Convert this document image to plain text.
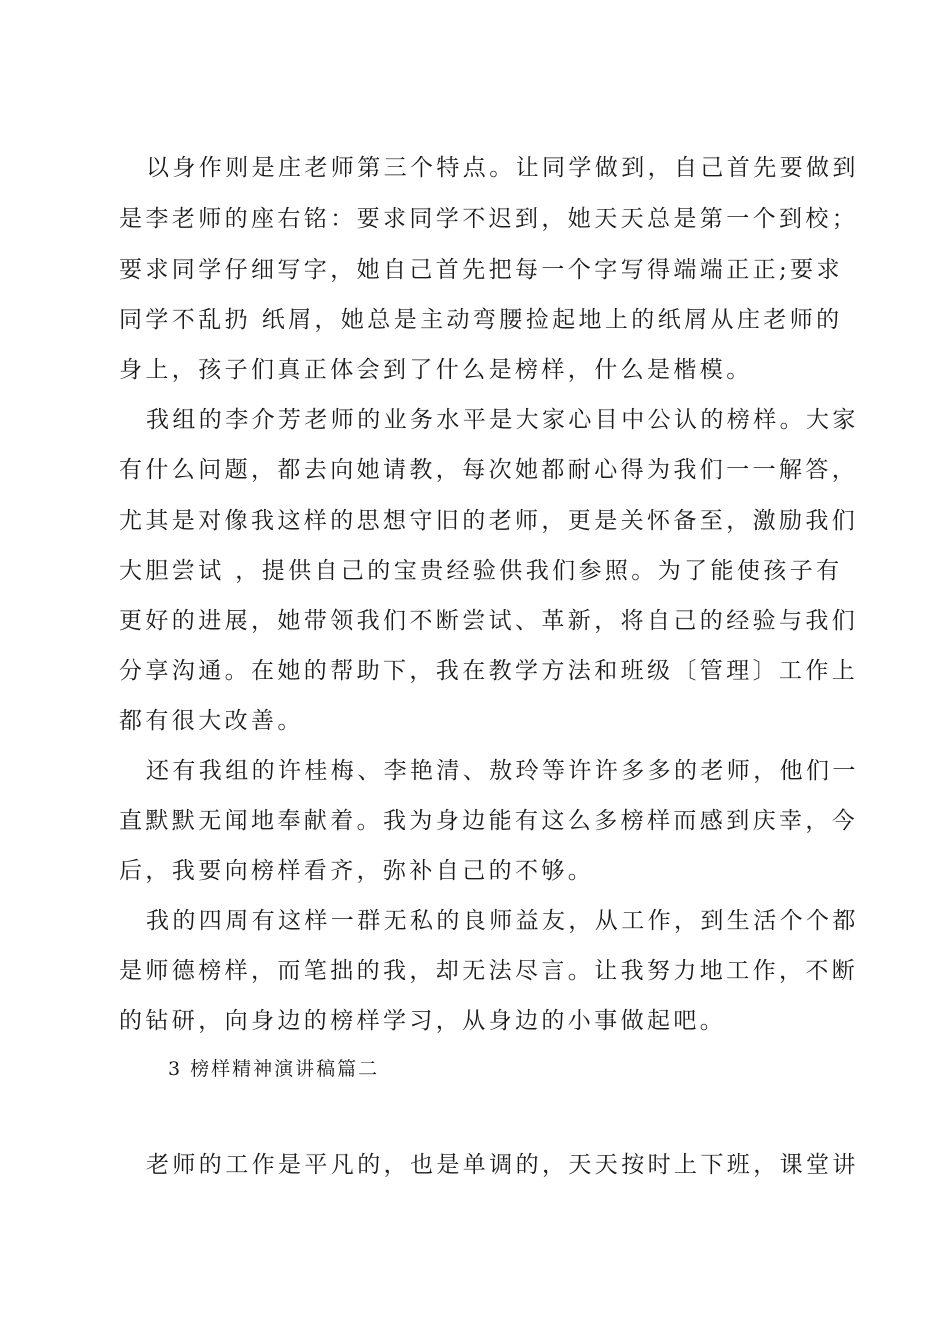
以身作则是庄老师第三个特点。让同学做到，自己首先要做到
是李老师的座右铭：要求同学不迟到，她天天总是第一个到校；
要求同学仔细写字，她自己首先把每一个字写得端端正正;要求
同学不乱扔 纸屑，她总是主动弯腰捡起地上的纸屑从庄老师的
身上，孩子们真正体会到了什么是榜样，什么是楷模。
我组的李介芳老师的业务水平是大家心目中公认的榜样。大家
有什么问题，都去向她请教，每次她都耐心得为我们一一解答，
尤其是对像我这样的思想守旧的老师，更是关怀备至，激励我们
大胆尝试 ，提供自己的宝贵经验供我们参照。为了能使孩子有
更好的进展，她带领我们不断尝试、革新，将自己的经验与我们
分享沟通。在她的帮助下，我在教学方法和班级〔管理〕工作上
都有很大改善。
还有我组的许桂梅、李艳清、敖玲等许许多多的老师，他们一
直默默无闻地奉献着。我为身边能有这么多榜样而感到庆幸，今
后，我要向榜样看齐，弥补自己的不够。
我的四周有这样一群无私的良师益友，从工作，到生活个个都
是师德榜样，而笔拙的我，却无法尽言。让我努力地工作，不断
的钻研，向身边的榜样学习，从身边的小事做起吧。
3 榜样精神演讲稿篇二
老师的工作是平凡的，也是单调的，天天按时上下班，课堂讲
